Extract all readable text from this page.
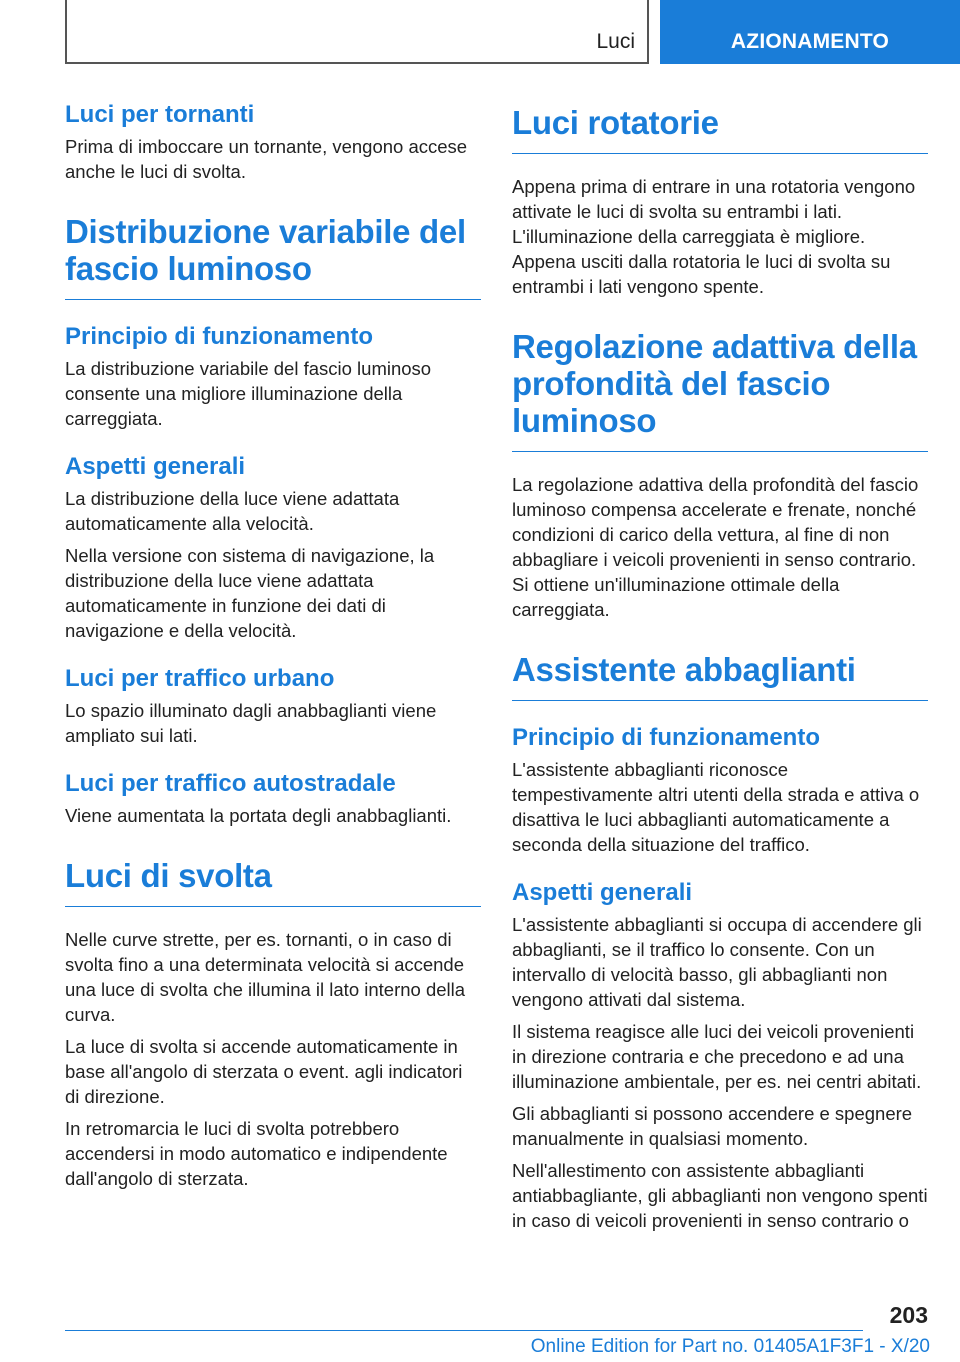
Luci	AZIONAMENTO
Luci per tornanti
Prima di imboccare un tornante, vengono accese anche le luci di svolta.
Distribuzione variabile del fascio luminoso
Principio di funzionamento
La distribuzione variabile del fascio luminoso consente una migliore illuminazione della carreggiata.
Aspetti generali
La distribuzione della luce viene adattata automaticamente alla velocità.
Nella versione con sistema di navigazione, la distribuzione della luce viene adattata automaticamente in funzione dei dati di navigazione e della velocità.
Luci per traffico urbano
Lo spazio illuminato dagli anabbaglianti viene ampliato sui lati.
Luci per traffico autostradale
Viene aumentata la portata degli anabbaglianti.
Luci di svolta
Nelle curve strette, per es. tornanti, o in caso di svolta fino a una determinata velocità si accende una luce di svolta che illumina il lato interno della curva.
La luce di svolta si accende automaticamente in base all'angolo di sterzata o event. agli indicatori di direzione.
In retromarcia le luci di svolta potrebbero accendersi in modo automatico e indipendente dall'angolo di sterzata.
Luci rotatorie
Appena prima di entrare in una rotatoria vengono attivate le luci di svolta su entrambi i lati. L'illuminazione della carreggiata è migliore. Appena usciti dalla rotatoria le luci di svolta su entrambi i lati vengono spente.
Regolazione adattiva della profondità del fascio luminoso
La regolazione adattiva della profondità del fascio luminoso compensa accelerate e frenate, nonché condizioni di carico della vettura, al fine di non abbagliare i veicoli provenienti in senso contrario. Si ottiene un'illuminazione ottimale della carreggiata.
Assistente abbaglianti
Principio di funzionamento
L'assistente abbaglianti riconosce tempestivamente altri utenti della strada e attiva o disattiva le luci abbaglianti automaticamente a seconda della situazione del traffico.
Aspetti generali
L'assistente abbaglianti si occupa di accendere gli abbaglianti, se il traffico lo consente. Con un intervallo di velocità basso, gli abbaglianti non vengono attivati dal sistema.
Il sistema reagisce alle luci dei veicoli provenienti in direzione contraria e che precedono e ad una illuminazione ambientale, per es. nei centri abitati.
Gli abbaglianti si possono accendere e spegnere manualmente in qualsiasi momento.
Nell'allestimento con assistente abbaglianti antiabbagliante, gli abbaglianti non vengono spenti in caso di veicoli provenienti in senso contrario o
203
Online Edition for Part no. 01405A1F3F1 - X/20
